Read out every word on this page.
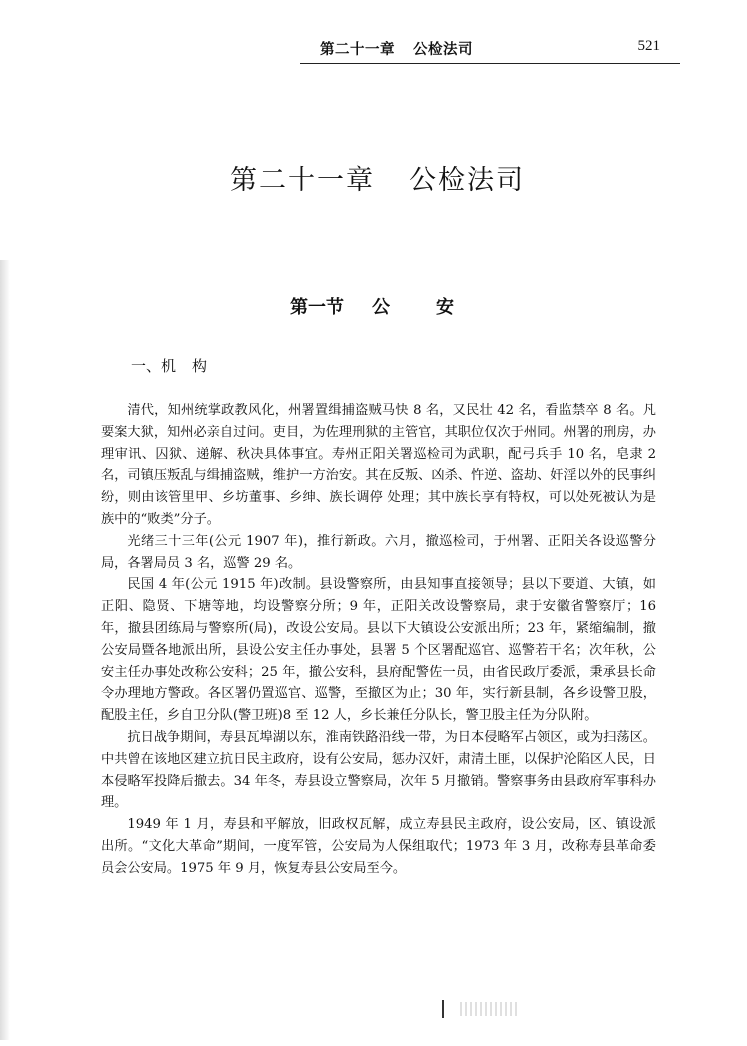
第二十一章 公检法司	521
第二十一章 公检法司
第一节 公	安
一、机 构

清代，知州统掌政教风化，州署置缉捕盗贼马快 8 名，又民壮 42 名，看监禁卒 8 名。凡要案大狱，知州必亲自过问。吏目，为佐理刑狱的主管官，其职位仅次于州同。州署的刑房，办理审讯、囚狱、递解、秋决具体事宜。寿州正阳关署巡检司为武职，配弓兵手 10 名，皂隶 2 名，司镇压叛乱与缉捕盗贼，维护一方治安。其在反叛、凶杀、忤逆、盗劫、奸淫以外的民事纠纷，则由该管里甲、乡坊董事、乡绅、族长调停 处理；其中族长享有特权，可以处死被认为是族中的“败类”分子。

光绪三十三年(公元 1907 年)，推行新政。六月，撤巡检司，于州署、正阳关各设巡警分局，各署局员 3 名，巡警 29 名。

民国 4 年(公元 1915 年)改制。县设警察所，由县知事直接领导；县以下要道、大镇，如正阳、隐贤、下塘等地，均设警察分所；9 年，正阳关改设警察局，隶于安徽省警察厅；16 年，撤县团练局与警察所(局)，改设公安局。县以下大镇设公安派出所；23 年，紧缩编制，撤公安局暨各地派出所，县设公安主任办事处，县署 5 个区署配巡官、巡警若干名；次年秋，公安主任办事处改称公安科；25 年，撤公安科，县府配警佐一员，由省民政厅委派，秉承县长命令办理地方警政。各区署仍置巡官、巡警，至撤区为止；30 年，实行新县制，各乡设警卫股，配股主任，乡自卫分队(警卫班)8 至 12 人，乡长兼任分队长，警卫股主任为分队附。

抗日战争期间，寿县瓦埠湖以东，淮南铁路沿线一带，为日本侵略军占领区，或为扫荡区。中共曾在该地区建立抗日民主政府，设有公安局，惩办汉奸，肃清土匪，以保护沦陷区人民，日本侵略军投降后撤去。34 年冬，寿县设立警察局，次年 5 月撤销。警察事务由县政府军事科办理。

1949 年 1 月，寿县和平解放，旧政权瓦解，成立寿县民主政府，设公安局，区、镇设派出所。“文化大革命”期间，一度军管，公安局为人保组取代；1973 年 3 月，改称寿县革命委员会公安局。1975 年 9 月，恢复寿县公安局至今。
